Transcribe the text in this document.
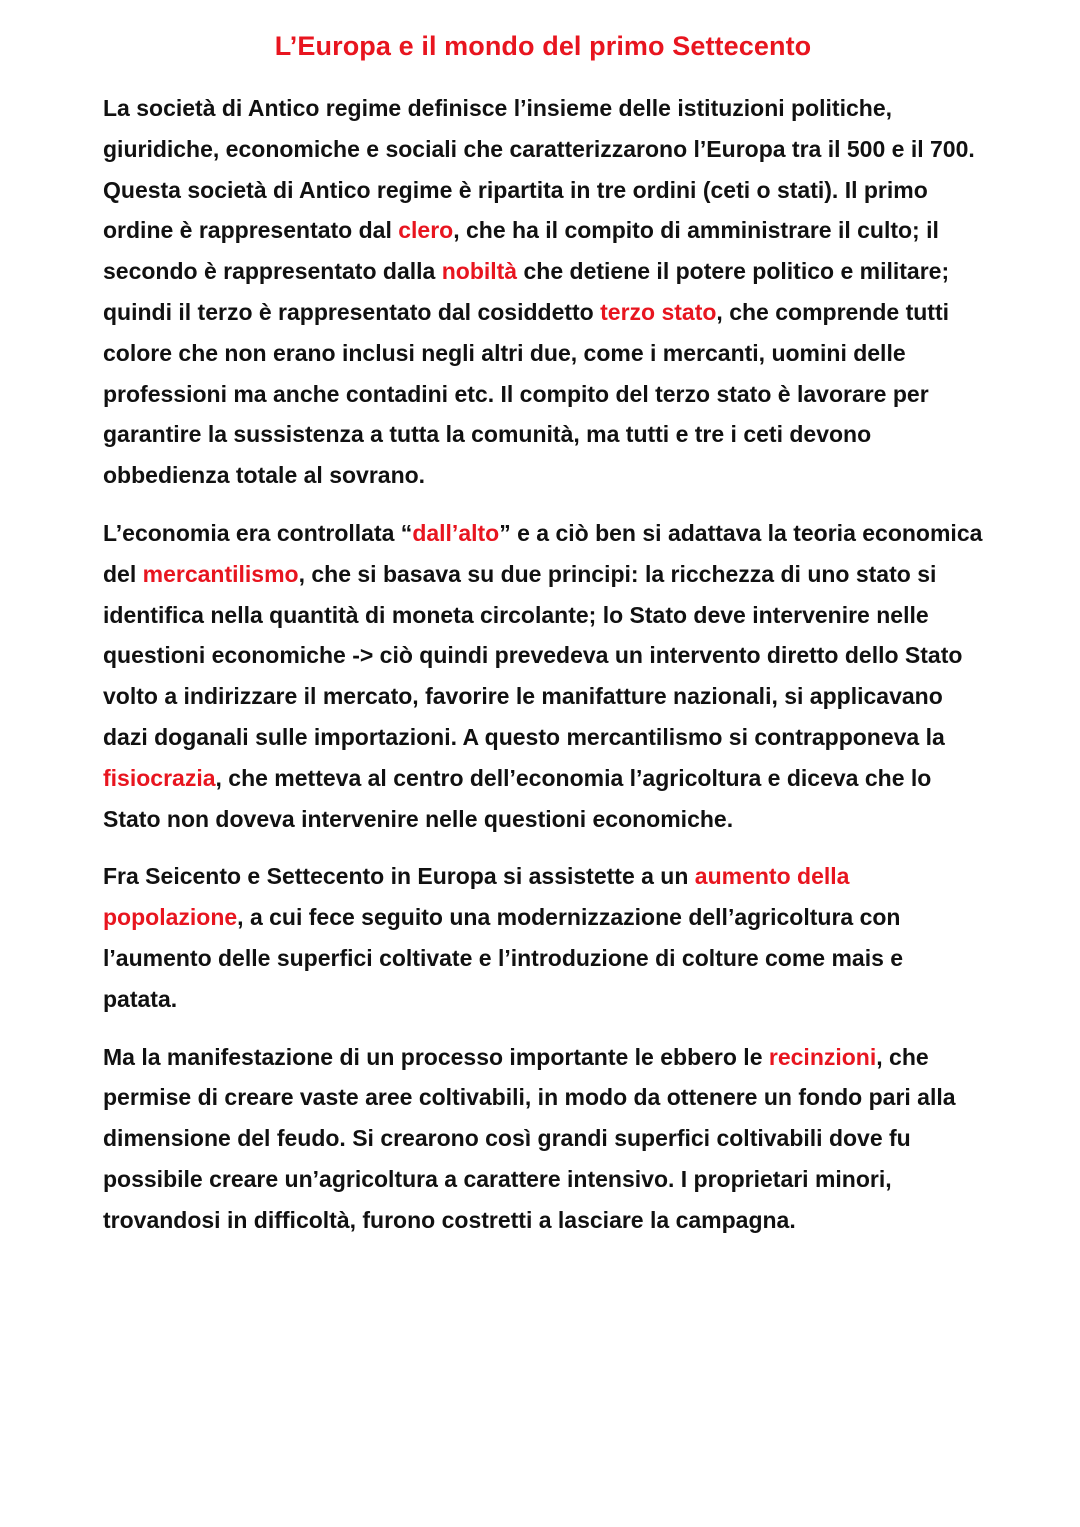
L’Europa e il mondo del primo Settecento

La società di Antico regime definisce l’insieme delle istituzioni politiche, giuridiche, economiche e sociali che caratterizzarono l’Europa tra il 500 e il 700. Questa società di Antico regime è ripartita in tre ordini (ceti o stati). Il primo ordine è rappresentato dal clero, che ha il compito di amministrare il culto; il secondo è rappresentato dalla nobiltà che detiene il potere politico e militare; quindi il terzo è rappresentato dal cosiddetto terzo stato, che comprende tutti colore che non erano inclusi negli altri due, come i mercanti, uomini delle professioni ma anche contadini etc. Il compito del terzo stato è lavorare per garantire la sussistenza a tutta la comunità, ma tutti e tre i ceti devono obbedienza totale al sovrano.

L’economia era controllata “dall’alto” e a ciò ben si adattava la teoria economica del mercantilismo, che si basava su due principi: la ricchezza di uno stato si identifica nella quantità di moneta circolante; lo Stato deve intervenire nelle questioni economiche -> ciò quindi prevedeva un intervento diretto dello Stato volto a indirizzare il mercato, favorire le manifatture nazionali, si applicavano dazi doganali sulle importazioni. A questo mercantilismo si contrapponeva la fisiocrazia, che metteva al centro dell’economia l’agricoltura e diceva che lo Stato non doveva intervenire nelle questioni economiche.

Fra Seicento e Settecento in Europa si assistette a un aumento della popolazione, a cui fece seguito una modernizzazione dell’agricoltura con l’aumento delle superfici coltivate e l’introduzione di colture come mais e patata.

Ma la manifestazione di un processo importante le ebbero le recinzioni, che permise di creare vaste aree coltivabili, in modo da ottenere un fondo pari alla dimensione del feudo. Si crearono così grandi superfici coltivabili dove fu possibile creare un’agricoltura a carattere intensivo. I proprietari minori, trovandosi in difficoltà, furono costretti a lasciare la campagna.
